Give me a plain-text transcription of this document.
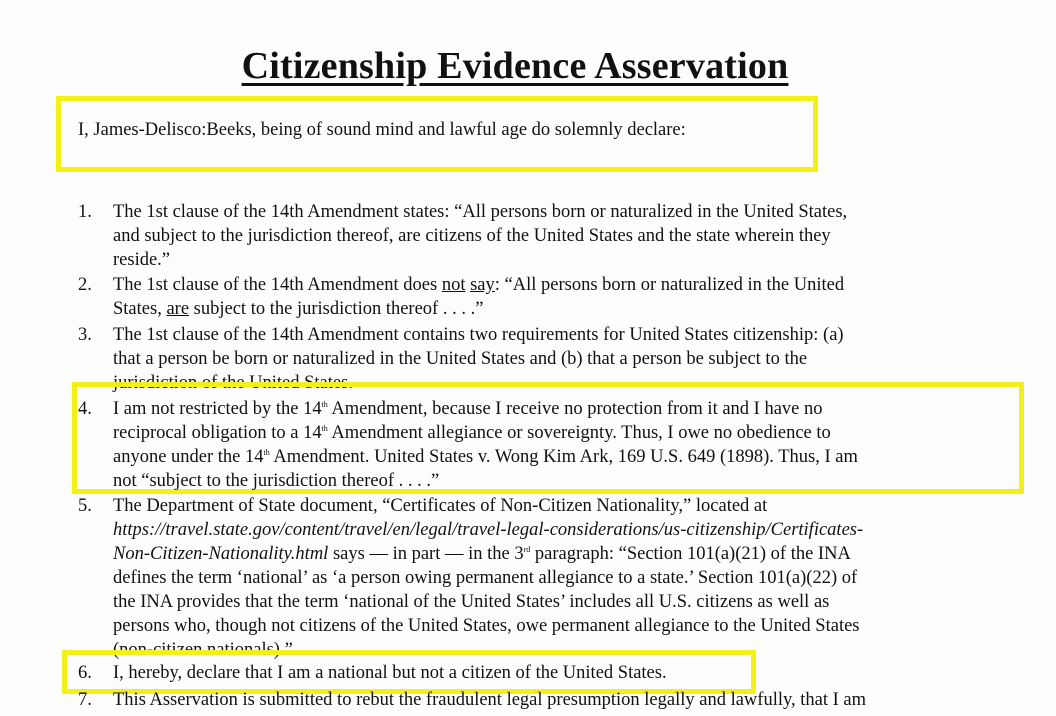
Citizenship Evidence Asservation
I, James-Delisco:Beeks, being of sound mind and lawful age do solemnly declare:
1.	The 1st clause of the 14th Amendment states: “All persons born or naturalized in the United States,
and subject to the jurisdiction thereof, are citizens of the United States and the state wherein they
reside.”
2.	The 1st clause of the 14th Amendment does not say: “All persons born or naturalized in the United
States, are subject to the jurisdiction thereof . . . .”
3.	The 1st clause of the 14th Amendment contains two requirements for United States citizenship: (a)
that a person be born or naturalized in the United States and (b) that a person be subject to the
jurisdiction of the United States.
4.	I am not restricted by the 14th Amendment, because I receive no protection from it and I have no
reciprocal obligation to a 14th Amendment allegiance or sovereignty. Thus, I owe no obedience to
anyone under the 14th Amendment. United States v. Wong Kim Ark, 169 U.S. 649 (1898). Thus, I am
not “subject to the jurisdiction thereof . . . .”
5.	The Department of State document, “Certificates of Non-Citizen Nationality,” located at
https://travel.state.gov/content/travel/en/legal/travel-legal-considerations/us-citizenship/Certificates-
Non-Citizen-Nationality.html says — in part — in the 3rd paragraph: “Section 101(a)(21) of the INA
defines the term ‘national’ as ‘a person owing permanent allegiance to a state.’ Section 101(a)(22) of
the INA provides that the term ‘national of the United States’ includes all U.S. citizens as well as
persons who, though not citizens of the United States, owe permanent allegiance to the United States
(non-citizen nationals).”
6.	I, hereby, declare that I am a national but not a citizen of the United States.
7.	This Asservation is submitted to rebut the fraudulent legal presumption legally and lawfully, that I am
